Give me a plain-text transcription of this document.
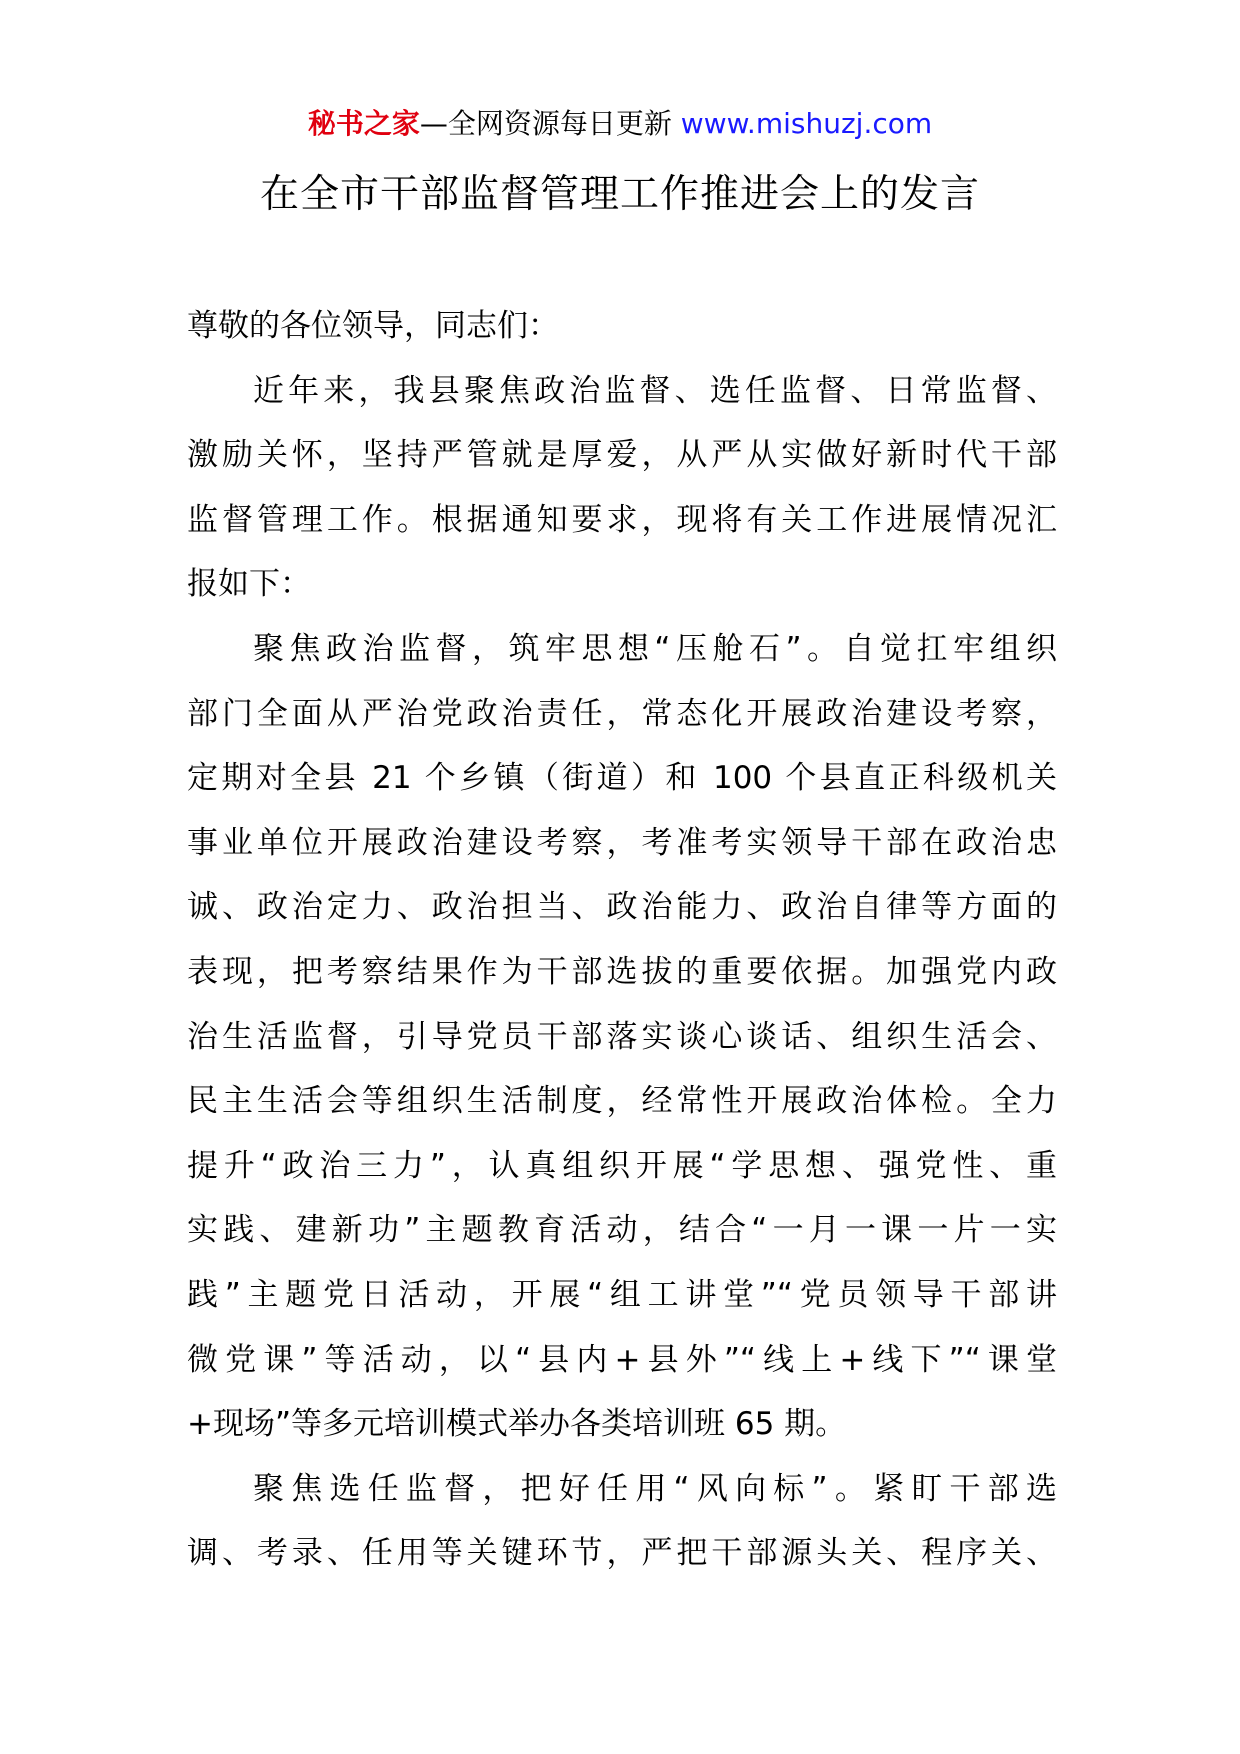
秘书之家—全网资源每日更新 www.mishuzj.com
在全市干部监督管理工作推进会上的发言
尊敬的各位领导，同志们：
近年来，我县聚焦政治监督、选任监督、日常监督、
激励关怀，坚持严管就是厚爱，从严从实做好新时代干部
监督管理工作。根据通知要求，现将有关工作进展情况汇
报如下：
聚焦政治监督，筑牢思想“压舱石”。自觉扛牢组织
部门全面从严治党政治责任，常态化开展政治建设考察，
定期对全县 21 个乡镇（街道）和 100 个县直正科级机关
事业单位开展政治建设考察，考准考实领导干部在政治忠
诚、政治定力、政治担当、政治能力、政治自律等方面的
表现，把考察结果作为干部选拔的重要依据。加强党内政
治生活监督，引导党员干部落实谈心谈话、组织生活会、
民主生活会等组织生活制度，经常性开展政治体检。全力
提升“政治三力”，认真组织开展“学思想、强党性、重
实践、建新功”主题教育活动，结合“一月一课一片一实
践”主题党日活动，开展“组工讲堂”“党员领导干部讲
微党课”等活动，以“县内+县外”“线上+线下”“课堂
+现场”等多元培训模式举办各类培训班 65 期。
聚焦选任监督，把好任用“风向标”。紧盯干部选
调、考录、任用等关键环节，严把干部源头关、程序关、
